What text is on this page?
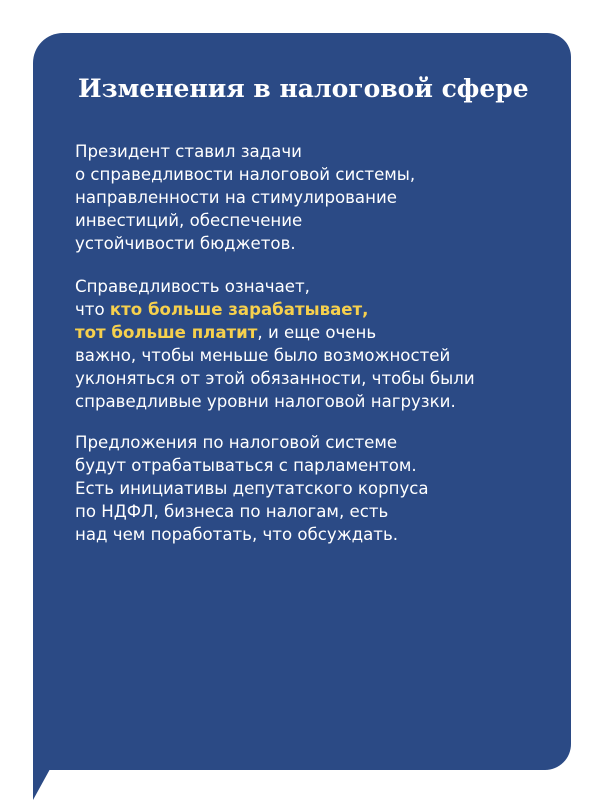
Изменения в налоговой сфере

Президент ставил задачи
о справедливости налоговой системы,
направленности на стимулирование
инвестиций, обеспечение
устойчивости бюджетов.

Справедливость означает,
что кто больше зарабатывает,
тот больше платит, и еще очень
важно, чтобы меньше было возможностей
уклоняться от этой обязанности, чтобы были
справедливые уровни налоговой нагрузки.

Предложения по налоговой системе
будут отрабатываться с парламентом.
Есть инициативы депутатского корпуса
по НДФЛ, бизнеса по налогам, есть
над чем поработать, что обсуждать.
